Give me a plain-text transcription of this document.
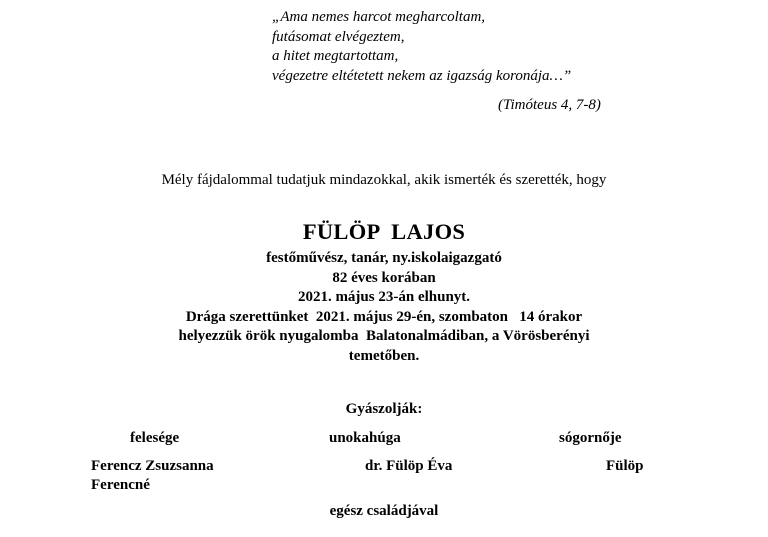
„Ama nemes harcot megharcoltam,
futásomat elvégeztem,
a hitet megtartottam,
végezetre eltétetett nekem az igazság koronája…”
(Timóteus 4, 7-8)
Mély fájdalommal tudatjuk mindazokkal, akik ismerték és szerették, hogy
FÜLÖP  LAJOS
festőművész, tanár, ny.iskolaigazgató
82 éves korában
2021. május 23-án elhunyt.
Drága szerettünket  2021. május 29-én, szombaton   14 órakor
helyezzük örök nyugalomba  Balatonalmádiban, a Vörösberényi
temetőben.
Gyászolják:
felesége	unokahúga	sógornője
Ferencz Zsuzsanna	dr. Fülöp Éva	Fülöp
Ferencné
egész családjával
